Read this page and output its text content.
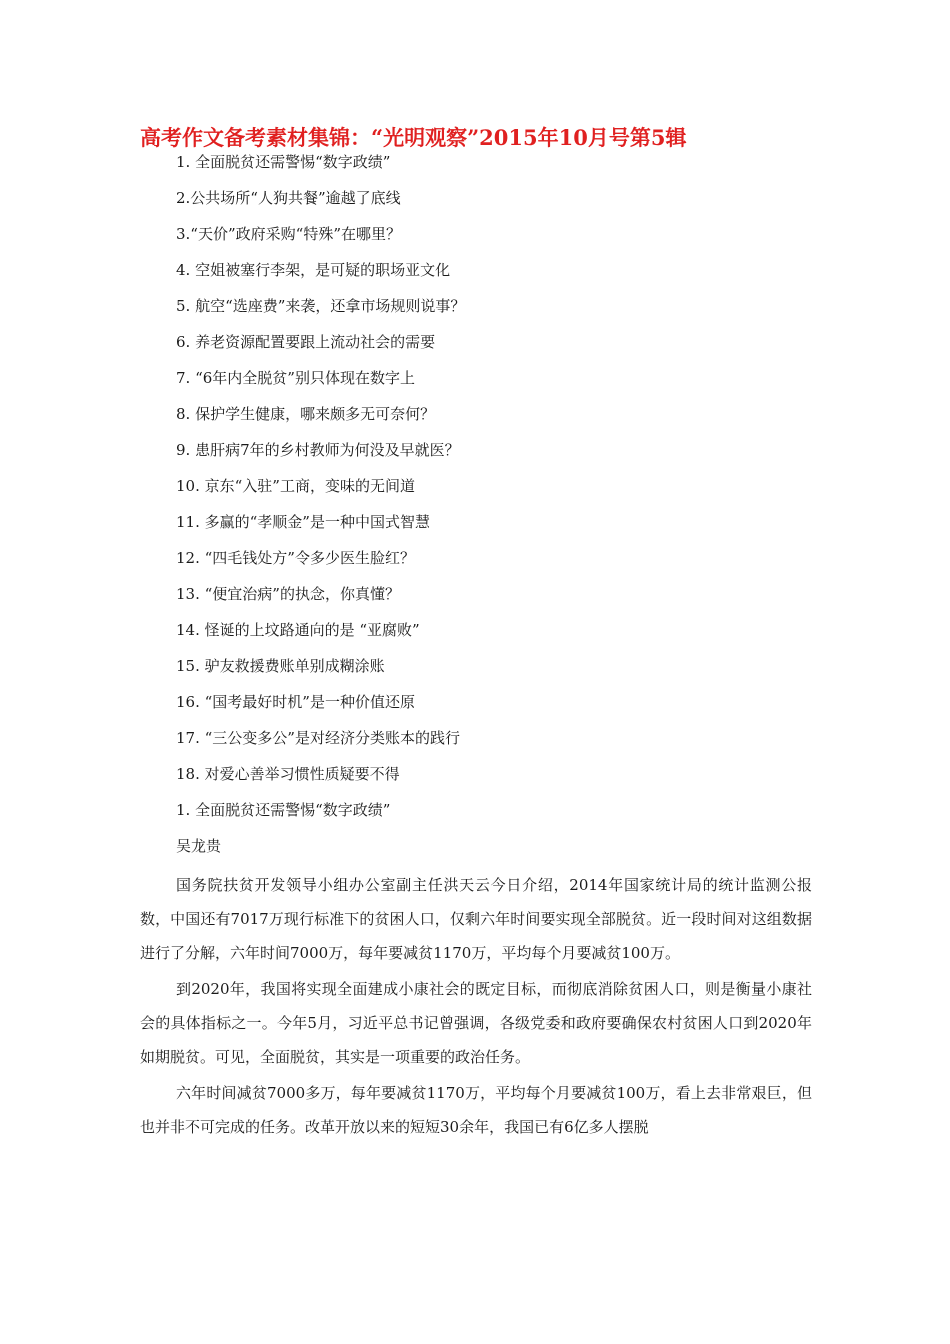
高考作文备考素材集锦：“光明观察”2015年10月号第5辑
1. 全面脱贫还需警惕“数字政绩”
2.公共场所“人狗共餐”逾越了底线
3.“天价”政府采购“特殊”在哪里？
4. 空姐被塞行李架，是可疑的职场亚文化
5. 航空“选座费”来袭，还拿市场规则说事？
6. 养老资源配置要跟上流动社会的需要
7. “6年内全脱贫”别只体现在数字上
8. 保护学生健康，哪来颇多无可奈何？
9. 患肝病7年的乡村教师为何没及早就医？
10. 京东“入驻”工商，变味的无间道
11. 多赢的“孝顺金”是一种中国式智慧
12. “四毛钱处方”令多少医生脸红？
13. “便宜治病”的执念，你真懂？
14. 怪诞的上坟路通向的是 “亚腐败”
15. 驴友救援费账单别成糊涂账
16. “国考最好时机”是一种价值还原
17. “三公变多公”是对经济分类账本的践行
18. 对爱心善举习惯性质疑要不得
1. 全面脱贫还需警惕“数字政绩”
吴龙贵

国务院扶贫开发领导小组办公室副主任洪天云今日介绍，2014年国家统计局的统计监测公报数，中国还有7017万现行标准下的贫困人口，仅剩六年时间要实现全部脱贫。近一段时间对这组数据进行了分解，六年时间7000万，每年要减贫1170万，平均每个月要减贫100万。

到2020年，我国将实现全面建成小康社会的既定目标，而彻底消除贫困人口，则是衡量小康社会的具体指标之一。今年5月，习近平总书记曾强调，各级党委和政府要确保农村贫困人口到2020年如期脱贫。可见，全面脱贫，其实是一项重要的政治任务。

六年时间减贫7000多万，每年要减贫1170万，平均每个月要减贫100万，看上去非常艰巨，但也并非不可完成的任务。改革开放以来的短短30余年，我国已有6亿多人摆脱
